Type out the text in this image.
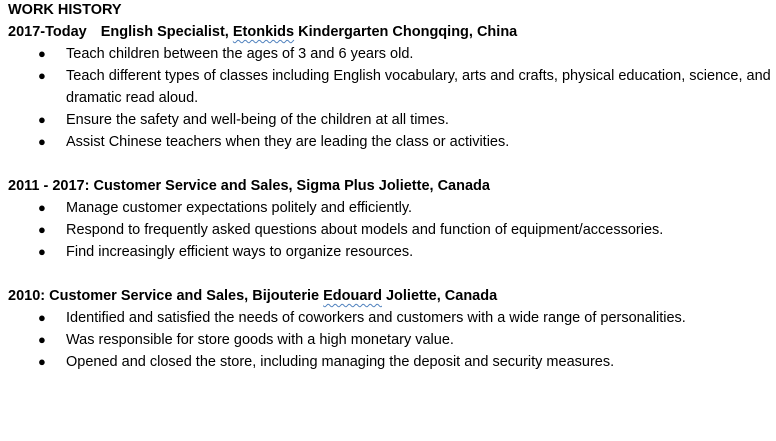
WORK HISTORY
2017-Today English Specialist, Etonkids Kindergarten Chongqing, China
● Teach children between the ages of 3 and 6 years old.
● Teach different types of classes including English vocabulary, arts and crafts, physical education, science, and dramatic read aloud.
● Ensure the safety and well-being of the children at all times.
● Assist Chinese teachers when they are leading the class or activities.
2011 - 2017: Customer Service and Sales, Sigma Plus Joliette, Canada
● Manage customer expectations politely and efficiently.
● Respond to frequently asked questions about models and function of equipment/accessories.
● Find increasingly efficient ways to organize resources.
2010: Customer Service and Sales, Bijouterie Edouard Joliette, Canada
● Identified and satisfied the needs of coworkers and customers with a wide range of personalities.
● Was responsible for store goods with a high monetary value.
● Opened and closed the store, including managing the deposit and security measures.
